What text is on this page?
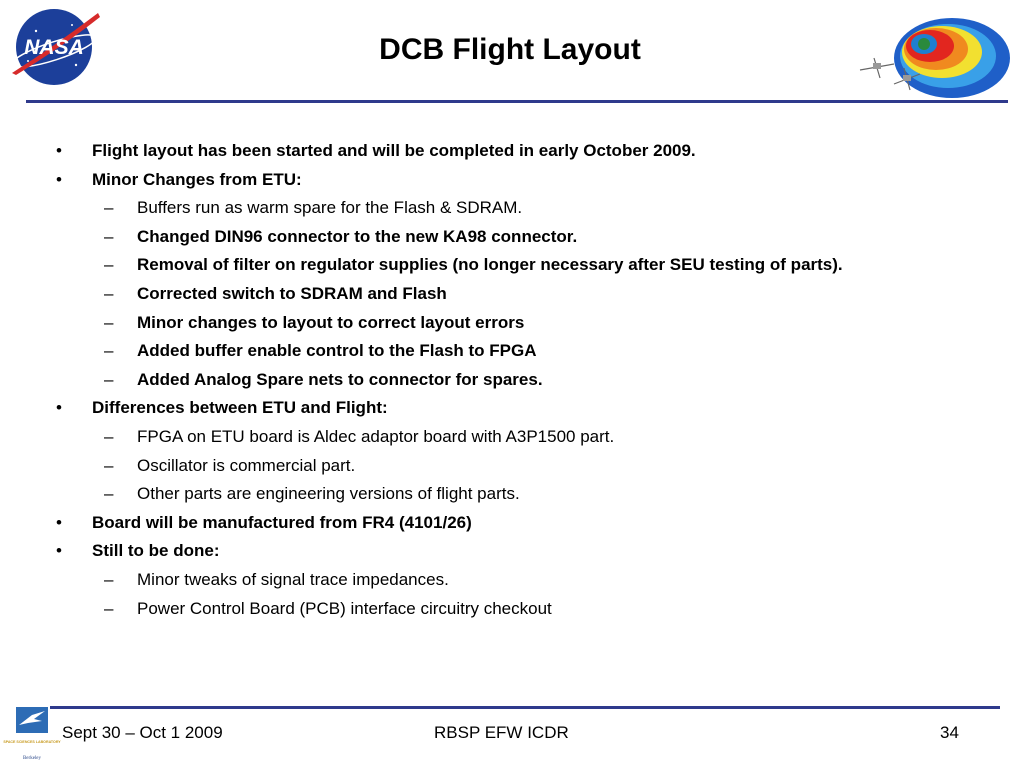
NASA	DCB Flight Layout
• Flight layout has been started and will be completed in early October 2009.
• Minor Changes from ETU:
– Buffers run as warm spare for the Flash & SDRAM.
– Changed DIN96 connector to the new KA98 connector.
– Removal of filter on regulator supplies (no longer necessary after SEU testing of parts).
– Corrected switch to SDRAM and Flash
– Minor changes to layout to correct layout errors
– Added buffer enable control to the Flash to FPGA
– Added Analog Spare nets to connector for spares.
• Differences between ETU and Flight:
– FPGA on ETU board is Aldec adaptor board with A3P1500 part.
– Oscillator is commercial part.
– Other parts are engineering versions of flight parts.
• Board will be manufactured from FR4 (4101/26)
• Still to be done:
– Minor tweaks of signal trace impedances.
– Power Control Board (PCB) interface circuitry checkout
SPACE SCIENCES LABORATORY
Berkeley
Sept 30 – Oct 1 2009	RBSP EFW ICDR	34
